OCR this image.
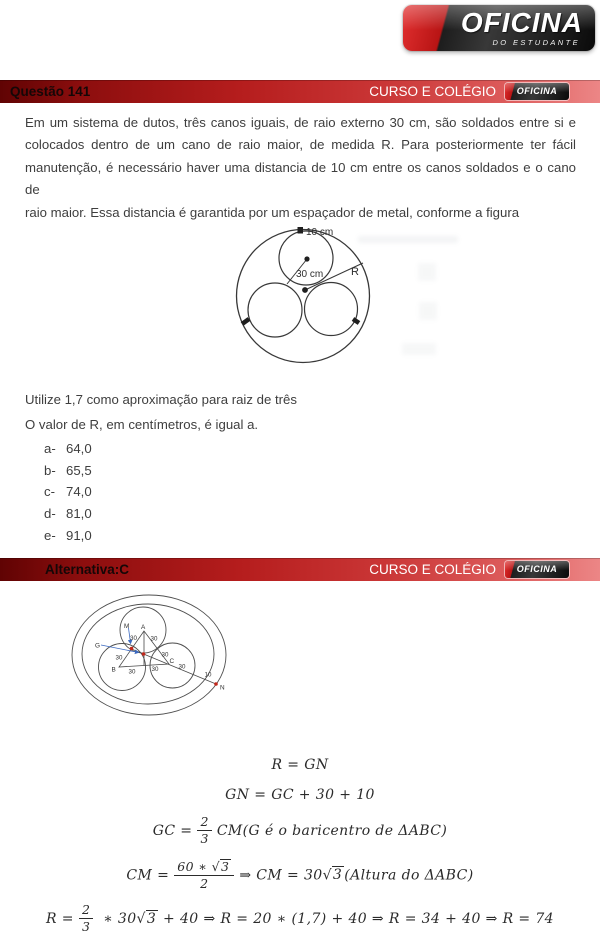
OFICINA
DO ESTUDANTE
Questão 141	CURSO E COLÉGIO	OFICINA
Em um sistema de dutos, três canos iguais, de raio externo 30 cm, são soldados entre si e
colocados dentro de um cano de raio maior, de medida R. Para posteriormente ter fácil
manutenção, é necessário haver uma distancia de 10 cm entre os canos soldados e o cano de
raio maior. Essa distancia é garantida por um espaçador de metal, conforme a figura
10 cm
30 cm	R
Utilize 1,7 como aproximação para raiz de três
O valor de R, em centímetros, é igual a.
a- 64,0
b- 65,5
c- 74,0
d- 81,0
e- 91,0
Alternativa:C	CURSO E COLÉGIO	OFICINA
A
M
G
B
C
N
30 30
30	30
30	30	30
10
R = GN
GN = GC + 30 + 10
GC = $\frac{2}{3} CM(G$ é o baricentro de ΔABC)
CM = $\frac{60 ∗ √3}{2}$ ⇒ CM = 30√3 (Altura do ΔABC)
$R = \frac{2}{3}$ ∗ 30√3 + 40 ⇒ R = 20 ∗ (1,7) + 40 ⇒ R = 34 + 40 ⇒ R = 74
